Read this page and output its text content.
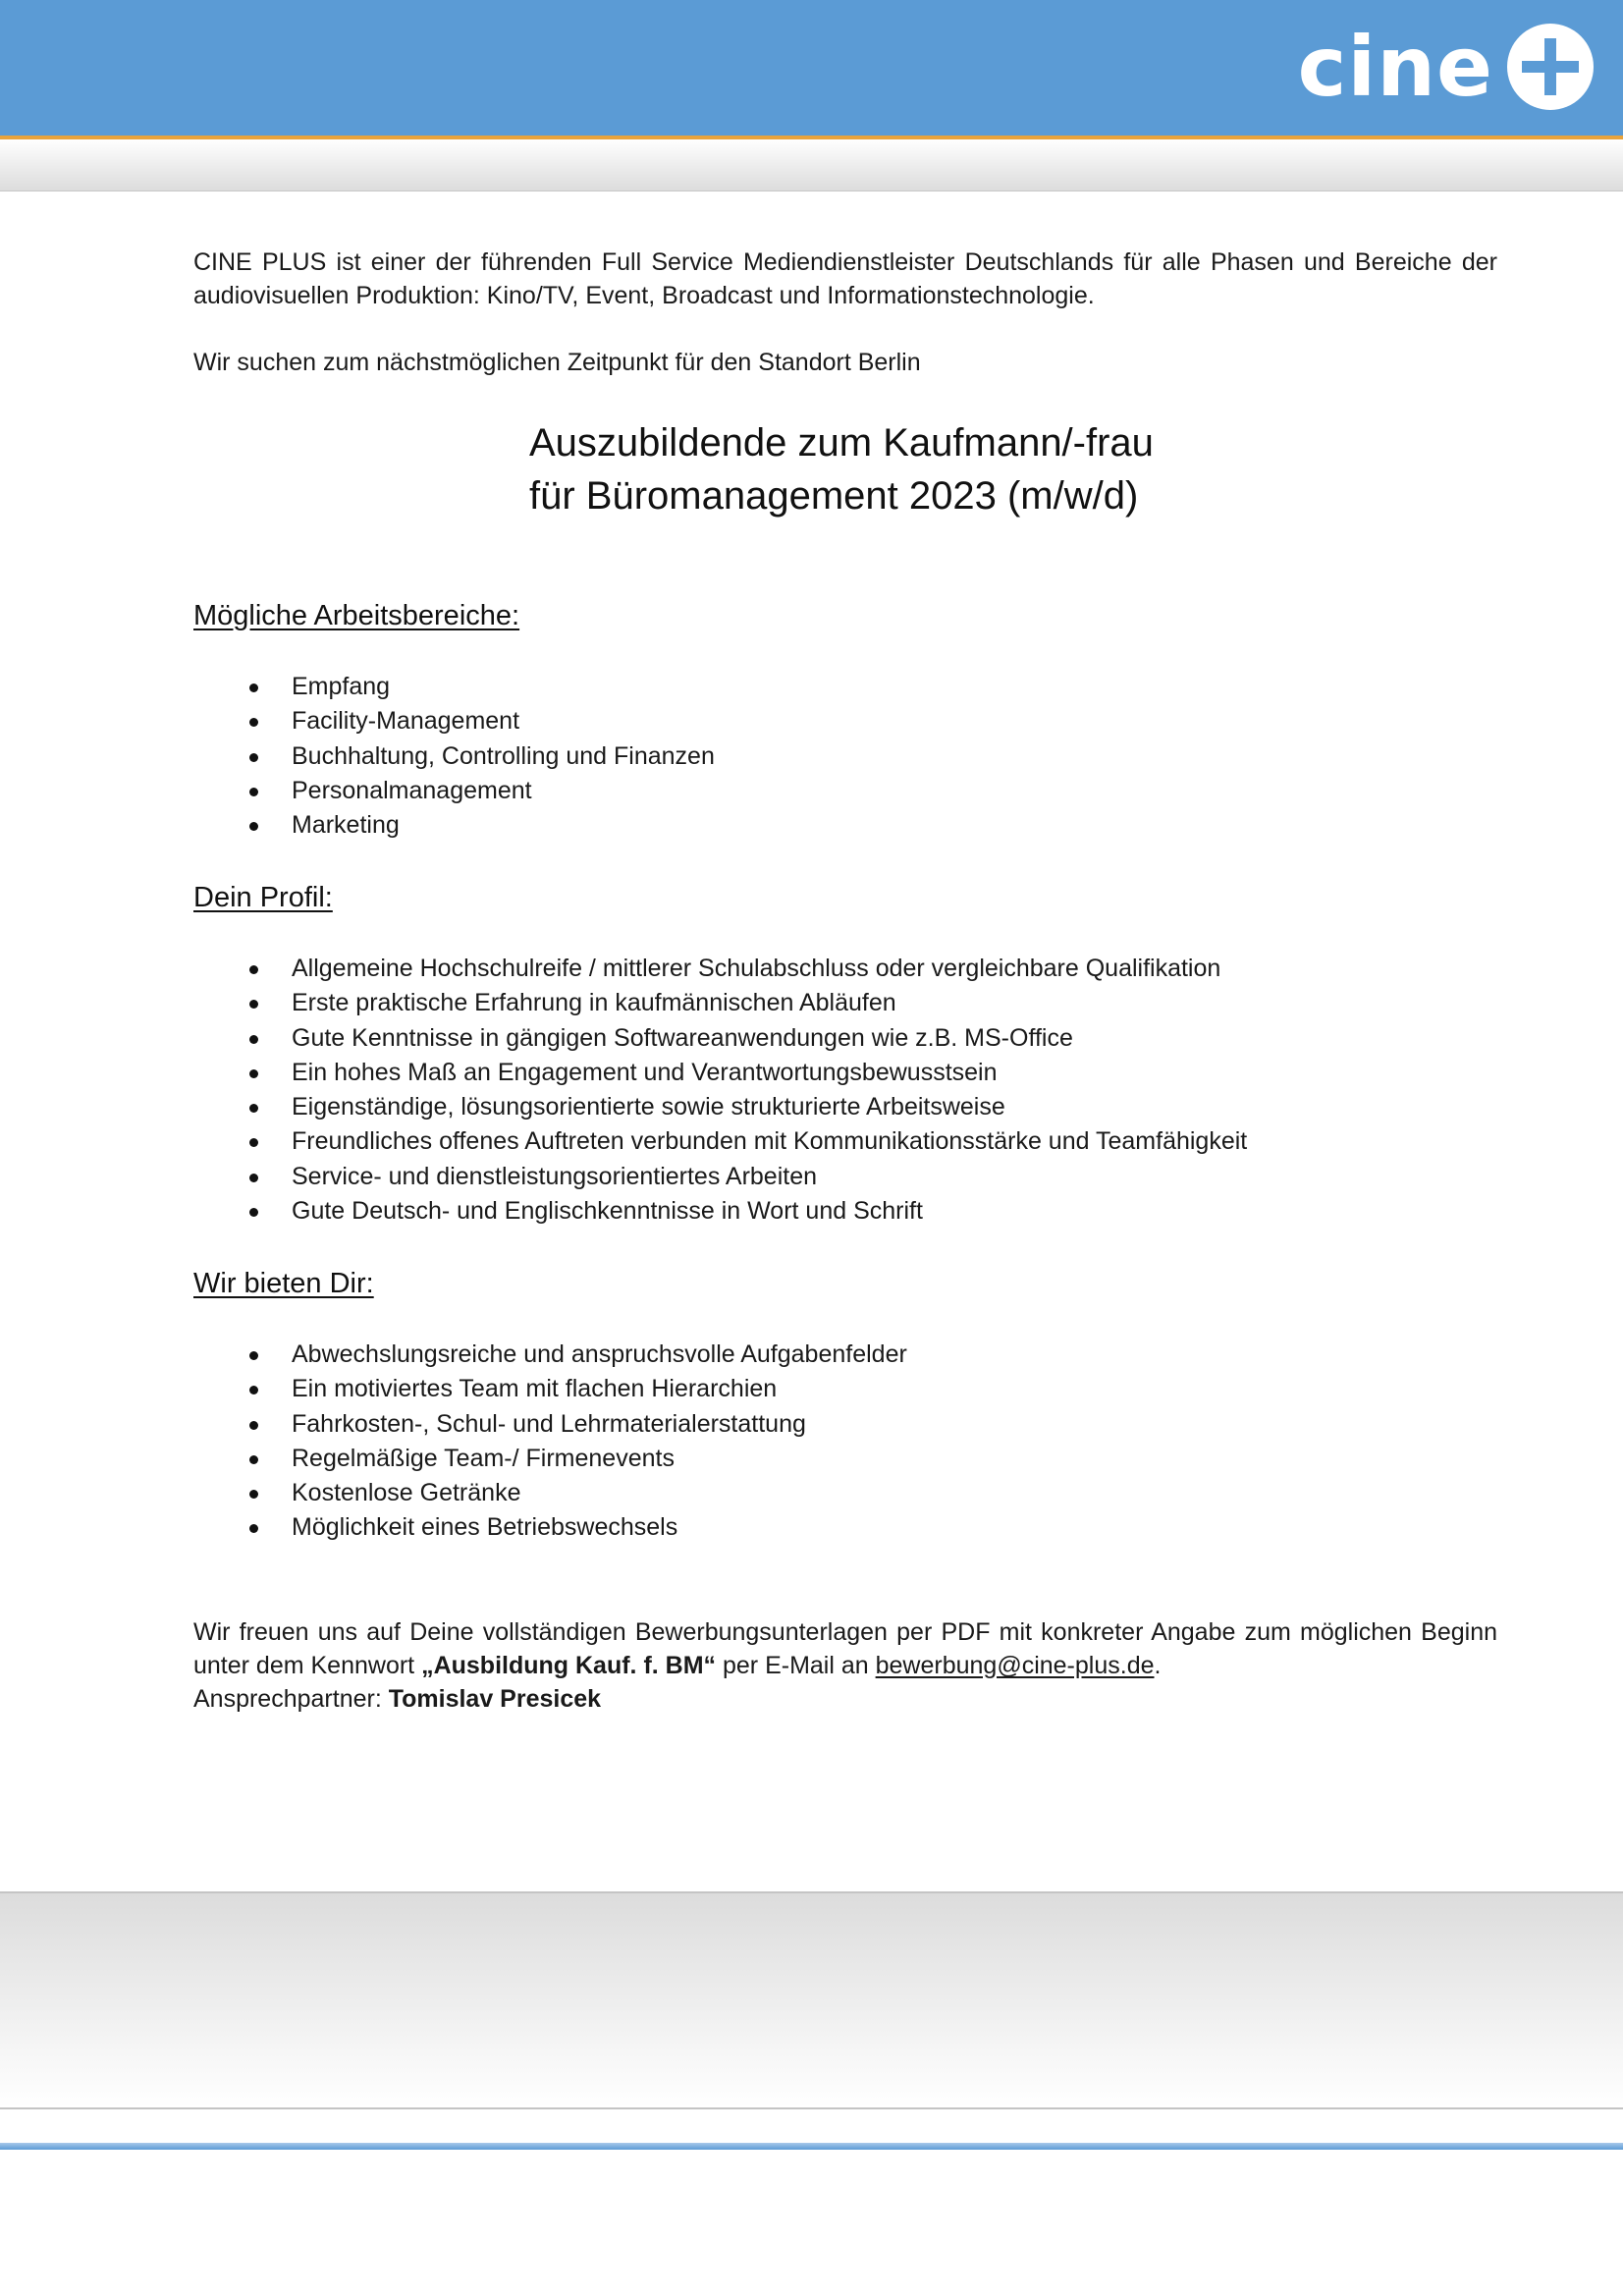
cine

CINE PLUS ist einer der führenden Full Service Mediendienstleister Deutschlands für alle Phasen und Bereiche der audiovisuellen Produktion: Kino/TV, Event, Broadcast und Informationstechnologie.

Wir suchen zum nächstmöglichen Zeitpunkt für den Standort Berlin

Auszubildende zum Kaufmann/-frau
für Büromanagement 2023 (m/w/d)
Mögliche Arbeitsbereiche:
Empfang
Facility-Management
Buchhaltung, Controlling und Finanzen
Personalmanagement
Marketing
Dein Profil:
Allgemeine Hochschulreife / mittlerer Schulabschluss oder vergleichbare Qualifikation
Erste praktische Erfahrung in kaufmännischen Abläufen
Gute Kenntnisse in gängigen Softwareanwendungen wie z.B. MS-Office
Ein hohes Maß an Engagement und Verantwortungsbewusstsein
Eigenständige, lösungsorientierte sowie strukturierte Arbeitsweise
Freundliches offenes Auftreten verbunden mit Kommunikationsstärke und Teamfähigkeit
Service- und dienstleistungsorientiertes Arbeiten
Gute Deutsch- und Englischkenntnisse in Wort und Schrift
Wir bieten Dir:
Abwechslungsreiche und anspruchsvolle Aufgabenfelder
Ein motiviertes Team mit flachen Hierarchien
Fahrkosten-, Schul- und Lehrmaterialerstattung
Regelmäßige Team-/ Firmenevents
Kostenlose Getränke
Möglichkeit eines Betriebswechsels

Wir freuen uns auf Deine vollständigen Bewerbungsunterlagen per PDF mit konkreter Angabe zum möglichen Beginn unter dem Kennwort „Ausbildung Kauf. f. BM“ per E-Mail an bewerbung@cine-plus.de.

Ansprechpartner: Tomislav Presicek
